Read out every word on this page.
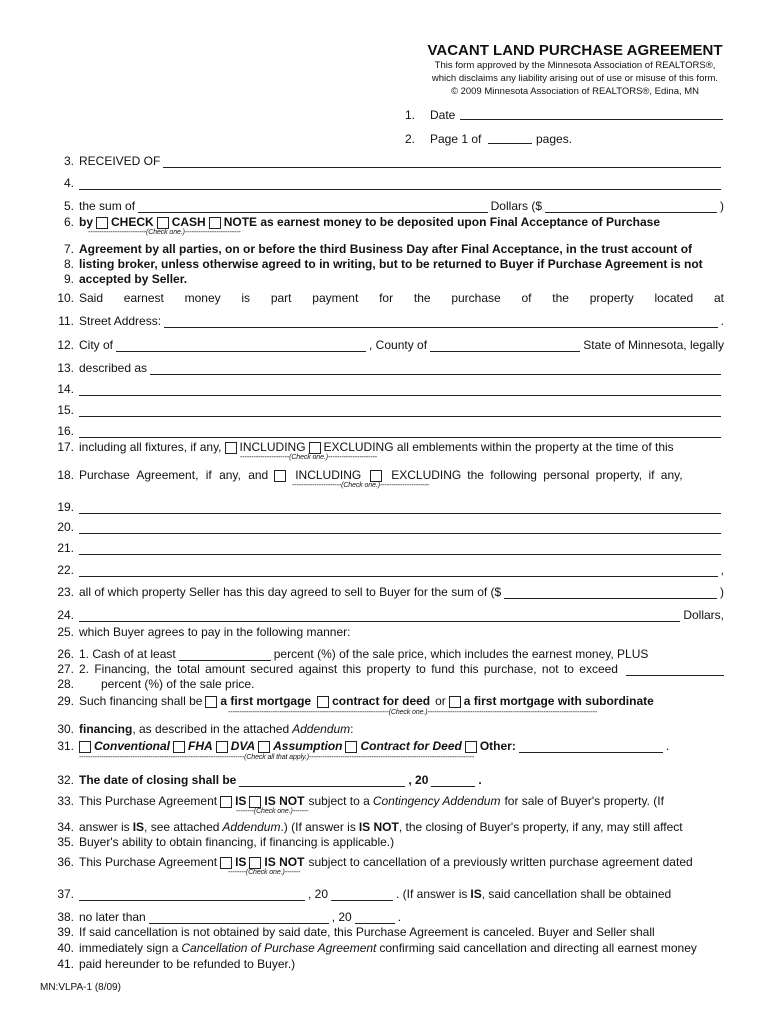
VACANT LAND PURCHASE AGREEMENT
This form approved by the Minnesota Association of REALTORS®,
which disclaims any liability arising out of use or misuse of this form.
© 2009 Minnesota Association of REALTORS®, Edina, MN
1. Date
2. Page 1 of	pages.
3. RECEIVED OF
4.
5. the sum of	Dollars ($	)
6. by CHECK CASH NOTE as earnest money to be deposited upon Final Acceptance of Purchase
--------------------------(Check one.)-------------------------
7. Agreement by all parties, on or before the third Business Day after Final Acceptance, in the trust account of
8. listing broker, unless otherwise agreed to in writing, but to be returned to Buyer if Purchase Agreement is not
9. accepted by Seller.
10. Said earnest money is part payment for the purchase of the property located at
11. Street Address:	.
12. City of	, County of	State of Minnesota, legally
13. described as
14.
15.
16.
17. including all fixtures, if any, INCLUDING EXCLUDING all emblements within the property at the time of this
----------------------(Check one.)----------------------
18. Purchase Agreement, if any, and INCLUDING	EXCLUDING the following personal property, if any,
----------------------(Check one.)----------------------
19.
20.
21.
22.	,
23. all of which property Seller has this day agreed to sell to Buyer for the sum of ($	)
24.	Dollars,
25. which Buyer agrees to pay in the following manner:
26. 1. Cash of at least	percent (%) of the sale price, which includes the earnest money, PLUS
27. 2. Financing, the total amount secured against this property to fund this purchase, not to exceed
28.	percent (%) of the sale price.
29. Such financing shall be a first mortgage contract for deed or a first mortgage with subordinate
------------------------------------------------------------------------(Check one.)----------------------------------------------------------------------------
30. financing , as described in the attached Addendum :
31. Conventional FHA DVA Assumption Contract for Deed Other:	.
--------------------------------------------------------------------------(Check all that apply.)--------------------------------------------------------------------------
32. The date of closing shall be	, 20	.
33. This Purchase Agreement IS IS NOT subject to a Contingency Addendum for sale of Buyer's property. (If
--------(Check one.)-------
34. answer is IS , see attached Addendum .) (If answer is IS NOT , the closing of Buyer's property, if any, may still affect
35. Buyer's ability to obtain financing, if financing is applicable.)
36. This Purchase Agreement IS IS NOT subject to cancellation of a previously written purchase agreement dated
--------(Check one.)-------
37.	, 20	. (If answer is IS , said cancellation shall be obtained
38. no later than	, 20	.
39. If said cancellation is not obtained by said date, this Purchase Agreement is canceled. Buyer and Seller shall
40. immediately sign a Cancellation of Purchase Agreement confirming said cancellation and directing all earnest money
41. paid hereunder to be refunded to Buyer.)
MN:VLPA-1 (8/09)
